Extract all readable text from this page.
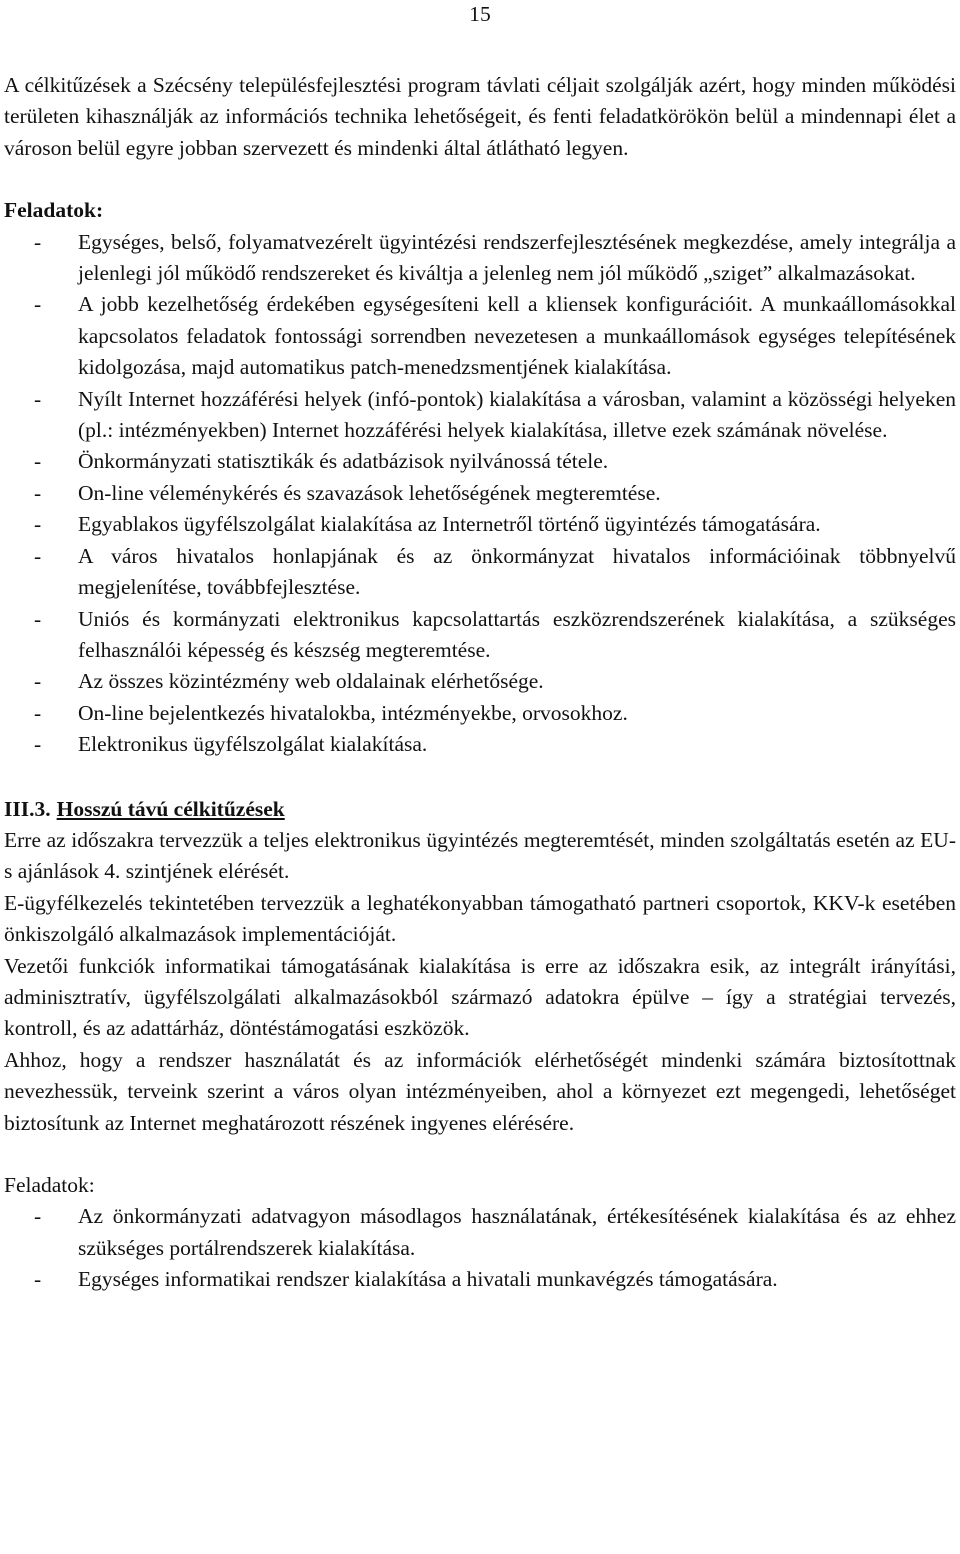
15

A célkitűzések a Szécsény településfejlesztési program távlati céljait szolgálják azért, hogy minden működési területen kihasználják az információs technika lehetőségeit, és fenti feladatkörökön belül a mindennapi élet a városon belül egyre jobban szervezett és mindenki által átlátható legyen.

Feladatok:
- Egységes, belső, folyamatvezérelt ügyintézési rendszerfejlesztésének megkezdése, amely integrálja a jelenlegi jól működő rendszereket és kiváltja a jelenleg nem jól működő „sziget” alkalmazásokat.
- A jobb kezelhetőség érdekében egységesíteni kell a kliensek konfigurációit. A munkaállomásokkal kapcsolatos feladatok fontossági sorrendben nevezetesen a munkaállomások egységes telepítésének kidolgozása, majd automatikus patch-menedzsmentjének kialakítása.
- Nyílt Internet hozzáférési helyek (infó-pontok) kialakítása a városban, valamint a közösségi helyeken (pl.: intézményekben) Internet hozzáférési helyek kialakítása, illetve ezek számának növelése.
- Önkormányzati statisztikák és adatbázisok nyilvánossá tétele.
- On-line véleménykérés és szavazások lehetőségének megteremtése.
- Egyablakos ügyfélszolgálat kialakítása az Internetről történő ügyintézés támogatására.
- A város hivatalos honlapjának és az önkormányzat hivatalos információinak többnyelvű megjelenítése, továbbfejlesztése.
- Uniós és kormányzati elektronikus kapcsolattartás eszközrendszerének kialakítása, a szükséges felhasználói képesség és készség megteremtése.
- Az összes közintézmény web oldalainak elérhetősége.
- On-line bejelentkezés hivatalokba, intézményekbe, orvosokhoz.
- Elektronikus ügyfélszolgálat kialakítása.
III.3. Hosszú távú célkitűzések

Erre az időszakra tervezzük a teljes elektronikus ügyintézés megteremtését, minden szolgáltatás esetén az EU-s ajánlások 4. szintjének elérését.

E-ügyfélkezelés tekintetében tervezzük a leghatékonyabban támogatható partneri csoportok, KKV-k esetében önkiszolgáló alkalmazások implementációját.

Vezetői funkciók informatikai támogatásának kialakítása is erre az időszakra esik, az integrált irányítási, adminisztratív, ügyfélszolgálati alkalmazásokból származó adatokra épülve – így a stratégiai tervezés, kontroll, és az adattárház, döntéstámogatási eszközök.

Ahhoz, hogy a rendszer használatát és az információk elérhetőségét mindenki számára biztosítottnak nevezhessük, terveink szerint a város olyan intézményeiben, ahol a környezet ezt megengedi, lehetőséget biztosítunk az Internet meghatározott részének ingyenes elérésére.

Feladatok:
- Az önkormányzati adatvagyon másodlagos használatának, értékesítésének kialakítása és az ehhez szükséges portálrendszerek kialakítása.
- Egységes informatikai rendszer kialakítása a hivatali munkavégzés támogatására.
